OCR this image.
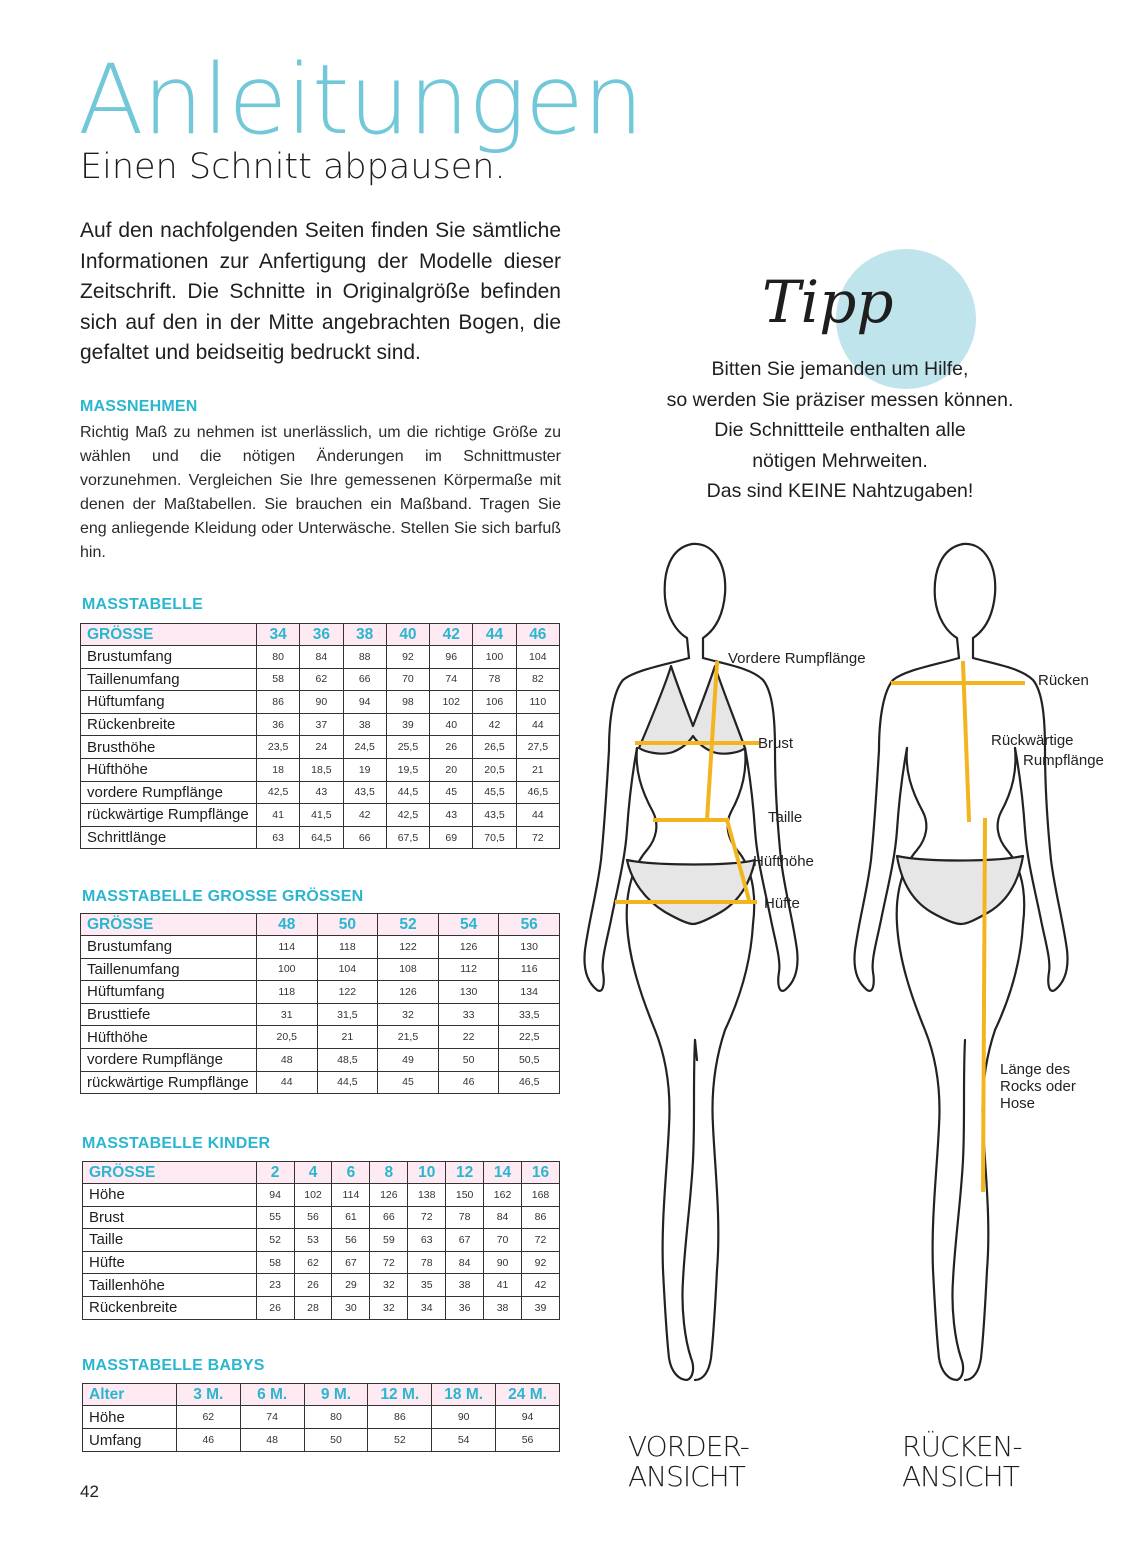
Anleitungen
Einen Schnitt abpausen.
Auf den nachfolgenden Seiten finden Sie sämtliche Informationen zur Anfertigung der Modelle dieser Zeitschrift. Die Schnitte in Originalgröße befinden sich auf den in der Mitte angebrachten Bogen, die gefaltet und beidseitig bedruckt sind.
MASSNEHMEN
Richtig Maß zu nehmen ist unerlässlich, um die richtige Größe zu wählen und die nötigen Änderungen im Schnittmuster vorzunehmen. Vergleichen Sie Ihre gemessenen Körpermaße mit denen der Maßtabellen. Sie brauchen ein Maßband. Tragen Sie eng anliegende Kleidung oder Unterwäsche. Stellen Sie sich barfuß hin.
MASSTABELLE
GRÖSSE	34	36	38	40	42	44	46
Brustumfang	80	84	88	92	96	100	104
Taillenumfang	58	62	66	70	74	78	82
Hüftumfang	86	90	94	98	102	106	110
Rückenbreite	36	37	38	39	40	42	44
Brusthöhe	23,5	24	24,5	25,5	26	26,5	27,5
Hüfthöhe	18	18,5	19	19,5	20	20,5	21
vordere Rumpflänge	42,5	43	43,5	44,5	45	45,5	46,5
rückwärtige Rumpflänge	41	41,5	42	42,5	43	43,5	44
Schrittlänge	63	64,5	66	67,5	69	70,5	72
MASSTABELLE GROSSE GRÖSSEN
GRÖSSE	48	50	52	54	56
Brustumfang	114	118	122	126	130
Taillenumfang	100	104	108	112	116
Hüftumfang	118	122	126	130	134
Brusttiefe	31	31,5	32	33	33,5
Hüfthöhe	20,5	21	21,5	22	22,5
vordere Rumpflänge	48	48,5	49	50	50,5
rückwärtige Rumpflänge	44	44,5	45	46	46,5
MASSTABELLE KINDER
GRÖSSE	2	4	6	8	10	12	14	16
Höhe	94	102	114	126	138	150	162	168
Brust	55	56	61	66	72	78	84	86
Taille	52	53	56	59	63	67	70	72
Hüfte	58	62	67	72	78	84	90	92
Taillenhöhe	23	26	29	32	35	38	41	42
Rückenbreite	26	28	30	32	34	36	38	39
MASSTABELLE BABYS
Alter	3 M.	6 M.	9 M.	12 M.	18 M.	24 M.
Höhe	62	74	80	86	90	94
Umfang	46	48	50	52	54	56
42
Tipp
Bitten Sie jemanden um Hilfe,
so werden Sie präziser messen können.
Die Schnittteile enthalten alle
nötigen Mehrweiten.
Das sind KEINE Nahtzugaben!
Vordere Rumpflänge
Brust
Taille
Hüfthöhe
Hüfte
Rücken
Rückwärtige
Rumpflänge
Länge des
Rocks oder
Hose
VORDER-
ANSICHT
RÜCKEN-
ANSICHT
